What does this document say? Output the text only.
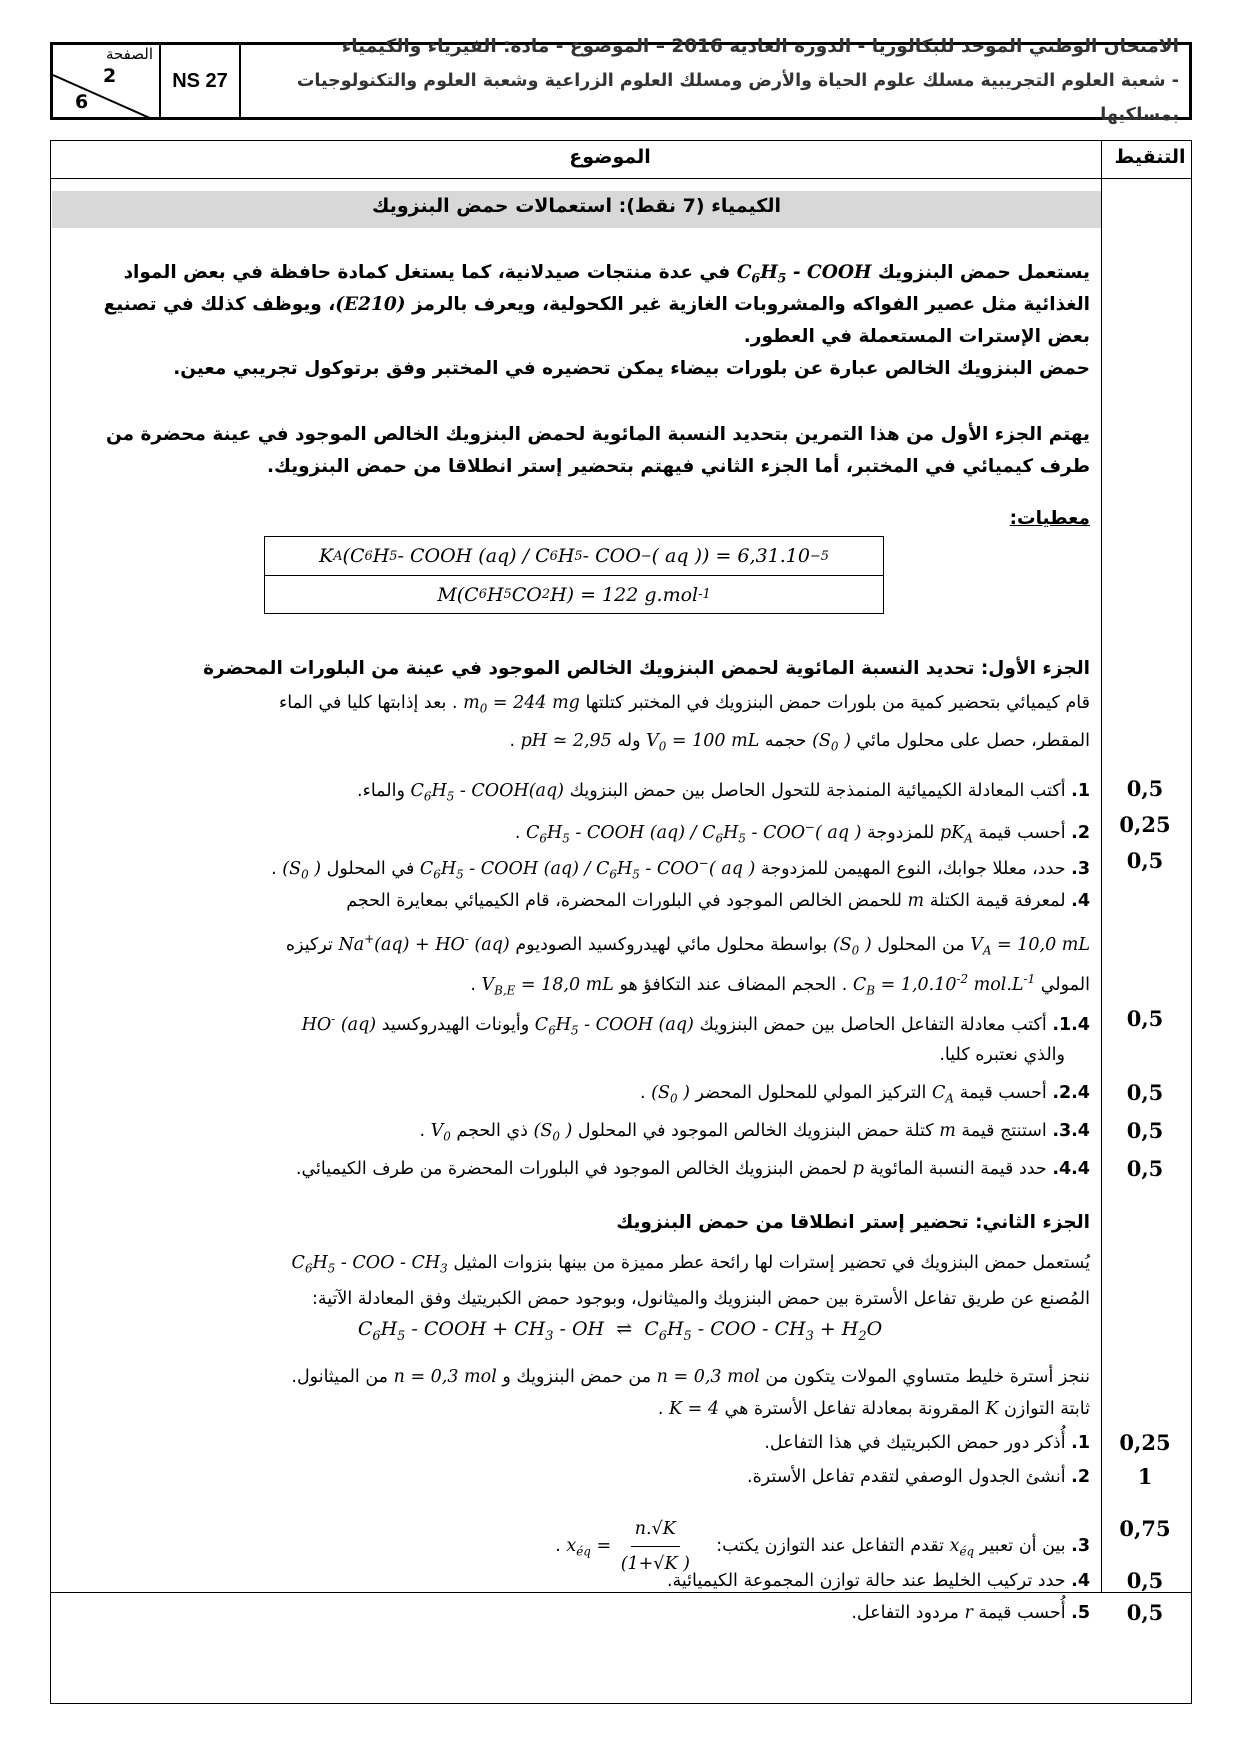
الصفحة
2
6
NS 27
الامتحان الوطني الموحد للبكالوريا - الدورة العادية 2016 – الموضوع - مادة: الفيزياء والكيمياء
- شعبة العلوم التجريبية مسلك علوم الحياة والأرض ومسلك العلوم الزراعية وشعبة العلوم والتكنولوجيات بمسلكيها
التنقيط
الموضوع
الكيمياء (7 نقط): استعمالات حمض البنزويك
يستعمل حمض البنزويك $C_6H_5$ - COOH في عدة منتجات صيدلانية، كما يستغل كمادة حافظة في بعض المواد
الغذائية مثل عصير الفواكه والمشروبات الغازية غير الكحولية، ويعرف بالرمز (E210)، ويوظف كذلك في تصنيع
بعض الإسترات المستعملة في العطور.
حمض البنزويك الخالص عبارة عن بلورات بيضاء يمكن تحضيره في المختبر وفق برتوكول تجريبي معين.
يهتم الجزء الأول من هذا التمرين بتحديد النسبة المائوية لحمض البنزويك الخالص الموجود في عينة محضرة من
طرف كيميائي في المختبر، أما الجزء الثاني فيهتم بتحضير إستر انطلاقا من حمض البنزويك.
معطيات:
K A (C 6 H 5 - COOH (aq) / C 6 H 5 - COO − ( aq )) = 6,31.10 −5
M(C 6 H 5 CO 2 H) = 122 g.mol -1
الجزء الأول: تحديد النسبة المائوية لحمض البنزويك الخالص الموجود في عينة من البلورات المحضرة
قام كيميائي بتحضير كمية من بلورات حمض البنزويك في المختبر كتلتها $m_0 = 244$ mg . بعد إذابتها كليا في الماء
المقطر، حصل على محلول مائي ($S_0$ ) حجمه $V_0 = 100$ mL وله pH ≃ 2,95 .
1. أكتب المعادلة الكيميائية المنمذجة للتحول الحاصل بين حمض البنزويك $C_6H_5$ - COOH(aq) والماء.	0,5
2. أحسب قيمة $pK_A$ للمزدوجة $C_6H_5$ - COOH $(aq) / C_6H_5 - COO^-$( aq ) .	0,25
3. حدد، معللا جوابك، النوع المهيمن للمزدوجة $C_6H_5$ - COOH $(aq) / C_6H_5 - COO^-$( aq ) في المحلول ($S_0$ ) .	0,5
4. لمعرفة قيمة الكتلة m للحمض الخالص الموجود في البلورات المحضرة، قام الكيميائي بمعايرة الحجم
$V_A = 10,0$ mL من المحلول ($S_0$ ) بواسطة محلول مائي لهيدروكسيد الصوديوم Na+(aq) + HO- (aq) تركيزه
المولي $C_B = 1,0.10^{-2}$ $mol.L^{-1}$ . الحجم المضاف عند التكافؤ هو $V_{B,E} = 18,0$ mL .
1.4. أكتب معادلة التفاعل الحاصل بين حمض البنزويك $C_6H_5$ - COOH (aq) وأيونات الهيدروكسيد HO- (aq)
والذي نعتبره كليا.
0,5
2.4. أحسب قيمة $C_A$ التركيز المولي للمحلول المحضر ($S_0$ ) .	0,5
3.4. استنتج قيمة m كتلة حمض البنزويك الخالص الموجود في المحلول ($S_0$ ) ذي الحجم $V_0$ .	0,5
4.4. حدد قيمة النسبة المائوية p لحمض البنزويك الخالص الموجود في البلورات المحضرة من طرف الكيميائي.	0,5
الجزء الثاني: تحضير إستر انطلاقا من حمض البنزويك
يُستعمل حمض البنزويك في تحضير إسترات لها رائحة عطر مميزة من بينها بنزوات المثيل $C_6H_5$ - COO - $CH_3$
المُصنع عن طريق تفاعل الأسترة بين حمض البنزويك والميثانول، وبوجود حمض الكبريتيك وفق المعادلة الآتية:
$C_6H_5$ - COOH + $CH_3$ - OH  ⇌  $C_6H_5$ - COO - $CH_3 + H_2O$
ننجز أسترة خليط متساوي المولات يتكون من n = 0,3 mol من حمض البنزويك و n = 0,3 mol من الميثانول.
ثابتة التوازن K المقرونة بمعادلة تفاعل الأسترة هي K = 4 .
1. أُذكر دور حمض الكبريتيك في هذا التفاعل.	0,25
2. أنشئ الجدول الوصفي لتقدم تفاعل الأسترة.	1
3. بين أن تعبير $x_{éq}$ تقدم التفاعل عند التوازن يكتب:    $x_{éq} = \frac{n.√K}{(1+√K )}$
.
0,75
4. حدد تركيب الخليط عند حالة توازن المجموعة الكيميائية.	0,5
5. أُحسب قيمة r مردود التفاعل.	0,5
